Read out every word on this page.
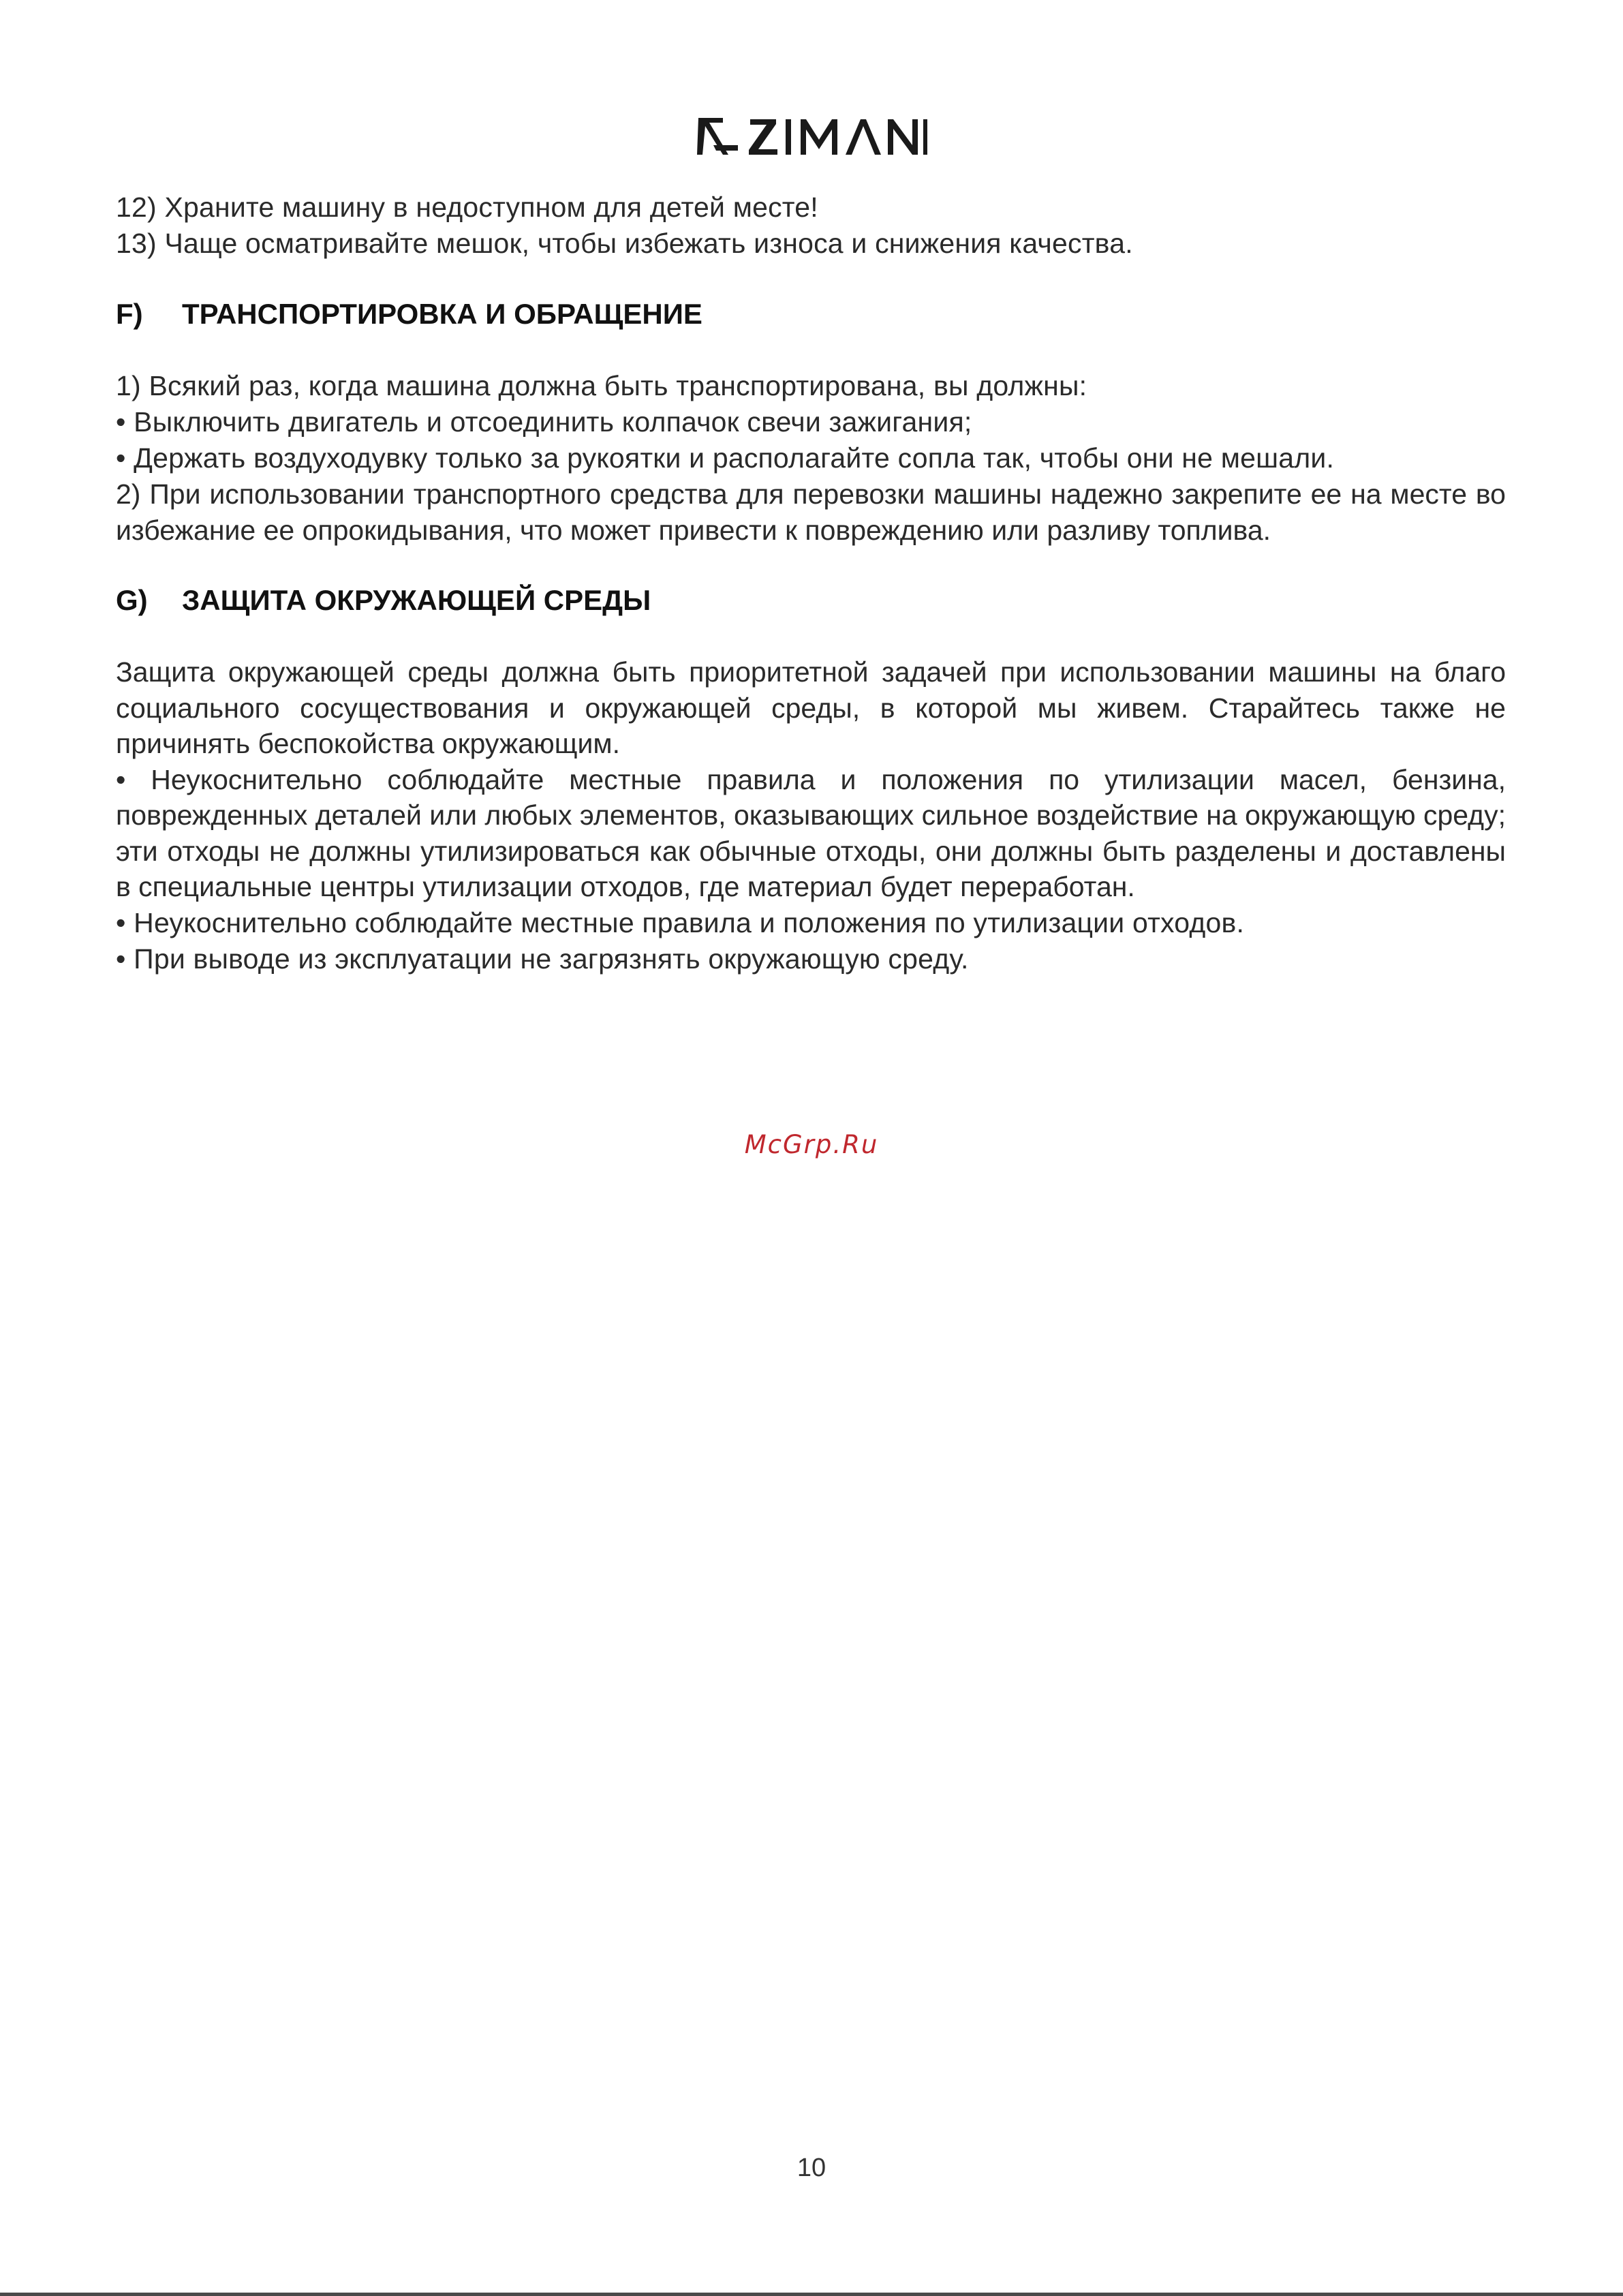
12) Храните машину в недоступном для детей месте!

13) Чаще осматривайте мешок, чтобы избежать износа и снижения качества.

F)	ТРАНСПОРТИРОВКА И ОБРАЩЕНИЕ

1) Всякий раз, когда машина должна быть транспортирована, вы должны:

• Выключить двигатель и отсоединить колпачок свечи зажигания;

• Держать воздуходувку только за рукоятки и располагайте сопла так, чтобы они не мешали.

2) При использовании транспортного средства для перевозки машины надежно закрепите ее на месте во избежание ее опрокидывания, что может привести к повреждению или разливу топлива.

G)	ЗАЩИТА ОКРУЖАЮЩЕЙ СРЕДЫ

Защита окружающей среды должна быть приоритетной задачей при использовании машины на благо социального сосуществования и окружающей среды, в которой мы живем. Старайтесь также не причинять беспокойства окружающим.

• Неукоснительно соблюдайте местные правила и положения по утилизации масел, бензина, поврежденных деталей или любых элементов, оказывающих сильное воздействие на окружающую среду; эти отходы не должны утилизироваться как обычные отходы, они должны быть разделены и доставлены в специальные центры утилизации отходов, где материал будет переработан.

• Неукоснительно соблюдайте местные правила и положения по утилизации отходов.

• При выводе из эксплуатации не загрязнять окружающую среду.

McGrp.Ru
10
